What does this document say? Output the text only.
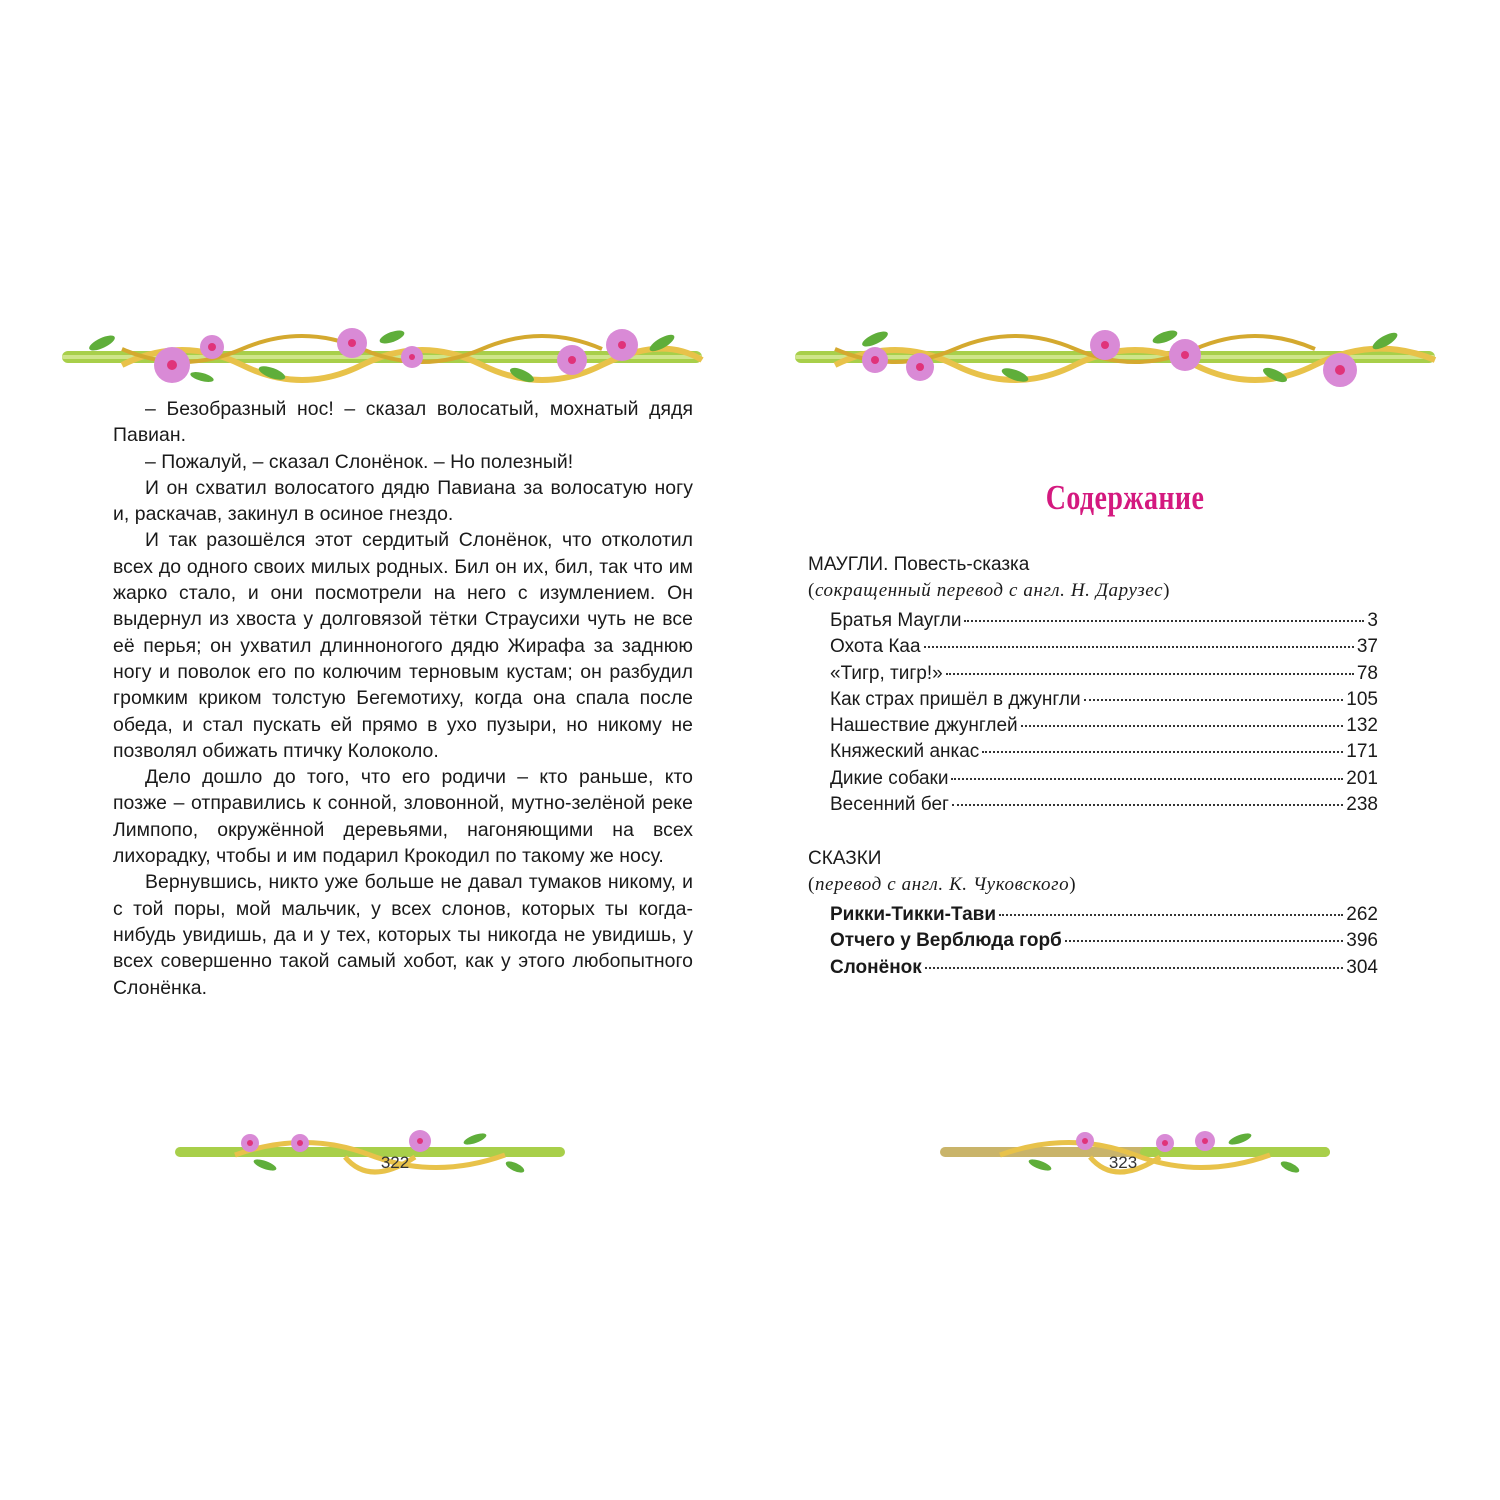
– Безобразный нос! – сказал волосатый, мохнатый дядя Павиан.

– Пожалуй, – сказал Слонёнок. – Но полезный!

И он схватил волосатого дядю Павиана за волосатую ногу и, раскачав, закинул в осиное гнездо.

И так разошёлся этот сердитый Слонёнок, что отколотил всех до одного своих милых родных. Бил он их, бил, так что им жарко стало, и они посмотрели на него с изумлением. Он выдернул из хвоста у долговязой тётки Страусихи чуть не все её перья; он ухватил длинноногого дядю Жирафа за заднюю ногу и поволок его по колючим терновым кустам; он разбудил громким криком толстую Бегемотиху, когда она спала после обеда, и стал пускать ей прямо в ухо пузыри, но никому не позволял обижать птичку Колоколо.

Дело дошло до того, что его родичи – кто раньше, кто позже – отправились к сонной, зловонной, мутно-зелёной реке Лимпопо, окружённой деревьями, нагоняющими на всех лихорадку, чтобы и им подарил Крокодил по такому же носу.

Вернувшись, никто уже больше не давал тумаков никому, и с той поры, мой мальчик, у всех слонов, которых ты когда-нибудь увидишь, да и у тех, которых ты никогда не увидишь, у всех совершенно такой самый хобот, как у этого любопытного Слонёнка.

322
Содержание
МАУГЛИ. Повесть-сказка
(сокращенный перевод с англ. Н. Дарузес)
Братья Маугли	3
Охота Каа	37
«Тигр, тигр!»	78
Как страх пришёл в джунгли	105
Нашествие джунглей	132
Княжеский анкас	171
Дикие собаки	201
Весенний бег	238
СКАЗКИ
(перевод с англ. К. Чуковского)
Рикки-Тикки-Тави	262
Отчего у Верблюда горб	396
Слонёнок	304
323
